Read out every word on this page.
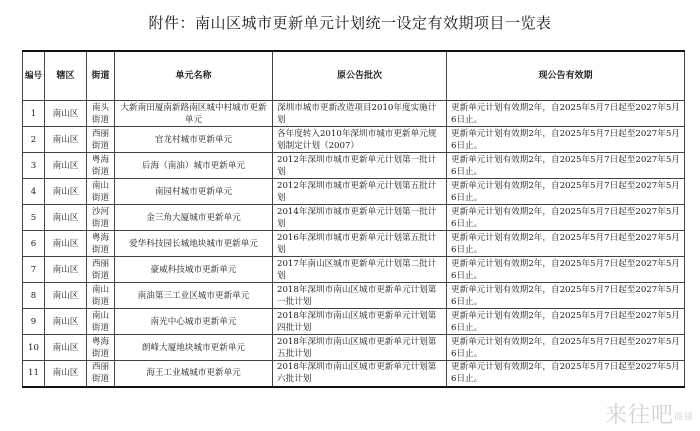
附件：南山区城市更新单元计划统一设定有效期项目一览表
编号	辖区	街道	单元名称	原公告批次	现公告有效期
1	南山区	南头街道	大新南田厦南新路南区城中村城市更新单元	深圳市城市更新改造项目2010年度实施计划	更新单元计划有效期2年，自2025年5月7日起至2027年5月6日止。
2	南山区	西丽街道	官龙村城市更新单元	各年度转入2010年深圳市城市更新单元规划制定计划（2007）	更新单元计划有效期2年，自2025年5月7日起至2027年5月6日止。
3	南山区	粤海街道	后海（南油）城市更新单元	2012年深圳市城市更新单元计划第一批计划	更新单元计划有效期2年，自2025年5月7日起至2027年5月6日止。
4	南山区	南山街道	南园村城市更新单元	2012年深圳市城市更新单元计划第五批计划	更新单元计划有效期2年，自2025年5月7日起至2027年5月6日止。
5	南山区	沙河街道	金三角大厦城市更新单元	2014年深圳市城市更新单元计划第一批计划	更新单元计划有效期2年，自2025年5月7日起至2027年5月6日止。
6	南山区	粤海街道	爱华科技园长城地块城市更新单元	2016年深圳市城市更新单元计划第五批计划	更新单元计划有效期2年，自2025年5月7日起至2027年5月6日止。
7	南山区	西丽街道	豪威科技城市更新单元	2017年南山区城市更新单元计划第二批计划	更新单元计划有效期2年，自2025年5月7日起至2027年5月6日止。
8	南山区	南山街道	南油第三工业区城市更新单元	2018年深圳市南山区城市更新单元计划第一批计划	更新单元计划有效期2年，自2025年5月7日起至2027年5月6日止。
9	南山区	南山街道	南光中心城市更新单元	2018年深圳市南山区城市更新单元计划第四批计划	更新单元计划有效期2年，自2025年5月7日起至2027年5月6日止。
10	南山区	粤海街道	朗峰大厦地块城市更新单元	2018年深圳市南山区城市更新单元计划第五批计划	更新单元计划有效期2年，自2025年5月7日起至2027年5月6日止。
11	南山区	西丽街道	海王工业城城市更新单元	2018年深圳市南山区城市更新单元计划第六批计划	更新单元计划有效期2年，自2025年5月7日起至2027年5月6日止。
来往吧商铺
